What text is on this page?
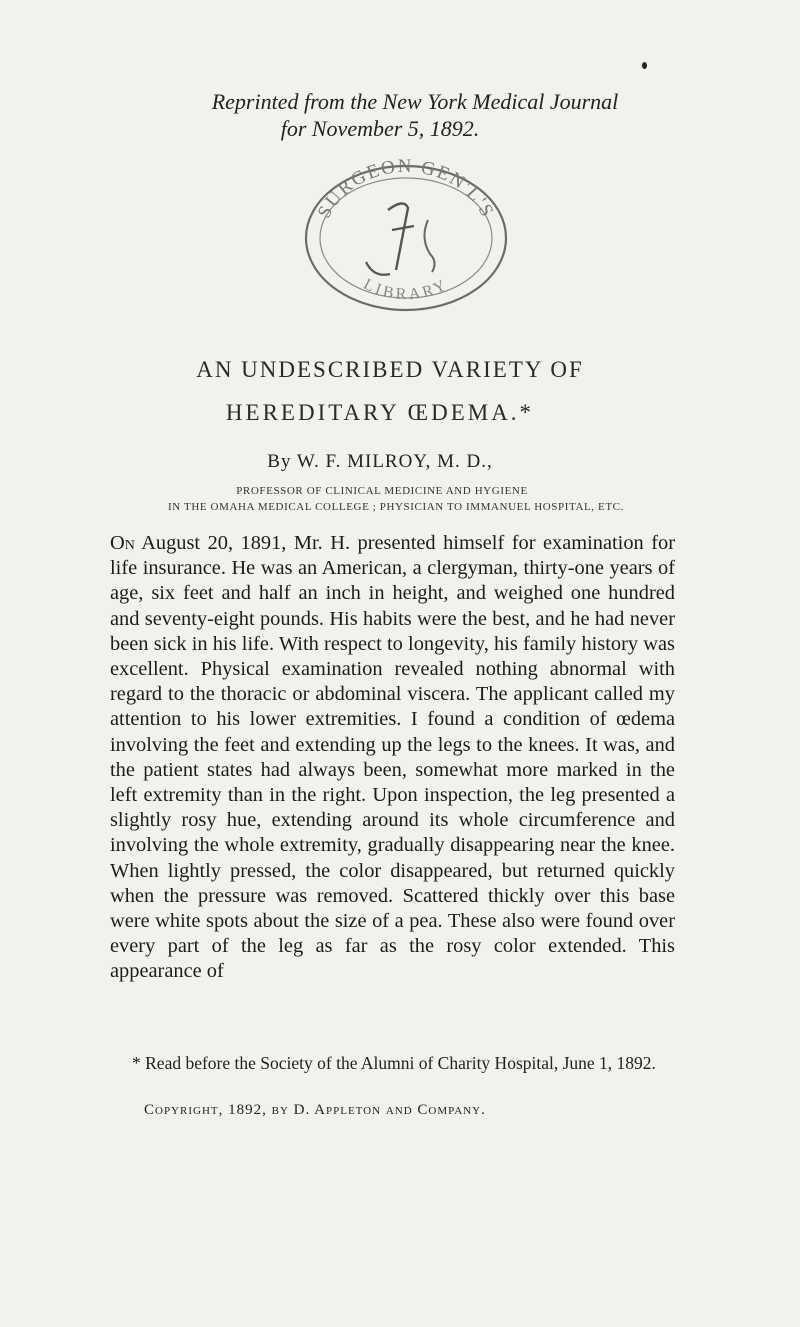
Reprinted from the New York Medical Journal
for November 5, 1892.
SURGEON GEN'L'S
LIBRARY
AN UNDESCRIBED VARIETY OF
HEREDITARY ŒDEMA.*
By W. F. MILROY, M. D.,
PROFESSOR OF CLINICAL MEDICINE AND HYGIENE
IN THE OMAHA MEDICAL COLLEGE ; PHYSICIAN TO IMMANUEL HOSPITAL, ETC.
On August 20, 1891, Mr. H. presented himself for examination for life insurance. He was an American, a clergyman, thirty-one years of age, six feet and half an inch in height, and weighed one hundred and seventy-eight pounds. His habits were the best, and he had never been sick in his life. With respect to longevity, his family history was excellent. Physical examination revealed nothing abnormal with regard to the thoracic or abdominal viscera. The applicant called my attention to his lower extremities. I found a condition of œdema involving the feet and extending up the legs to the knees. It was, and the patient states had always been, somewhat more marked in the left extremity than in the right. Upon inspection, the leg presented a slightly rosy hue, extending around its whole circumference and involving the whole extremity, gradually disappearing near the knee. When lightly pressed, the color disappeared, but returned quickly when the pressure was removed. Scattered thickly over this base were white spots about the size of a pea. These also were found over every part of the leg as far as the rosy color extended. This appearance of
* Read before the Society of the Alumni of Charity Hospital, June 1, 1892.
Copyright, 1892, by D. Appleton and Company.
